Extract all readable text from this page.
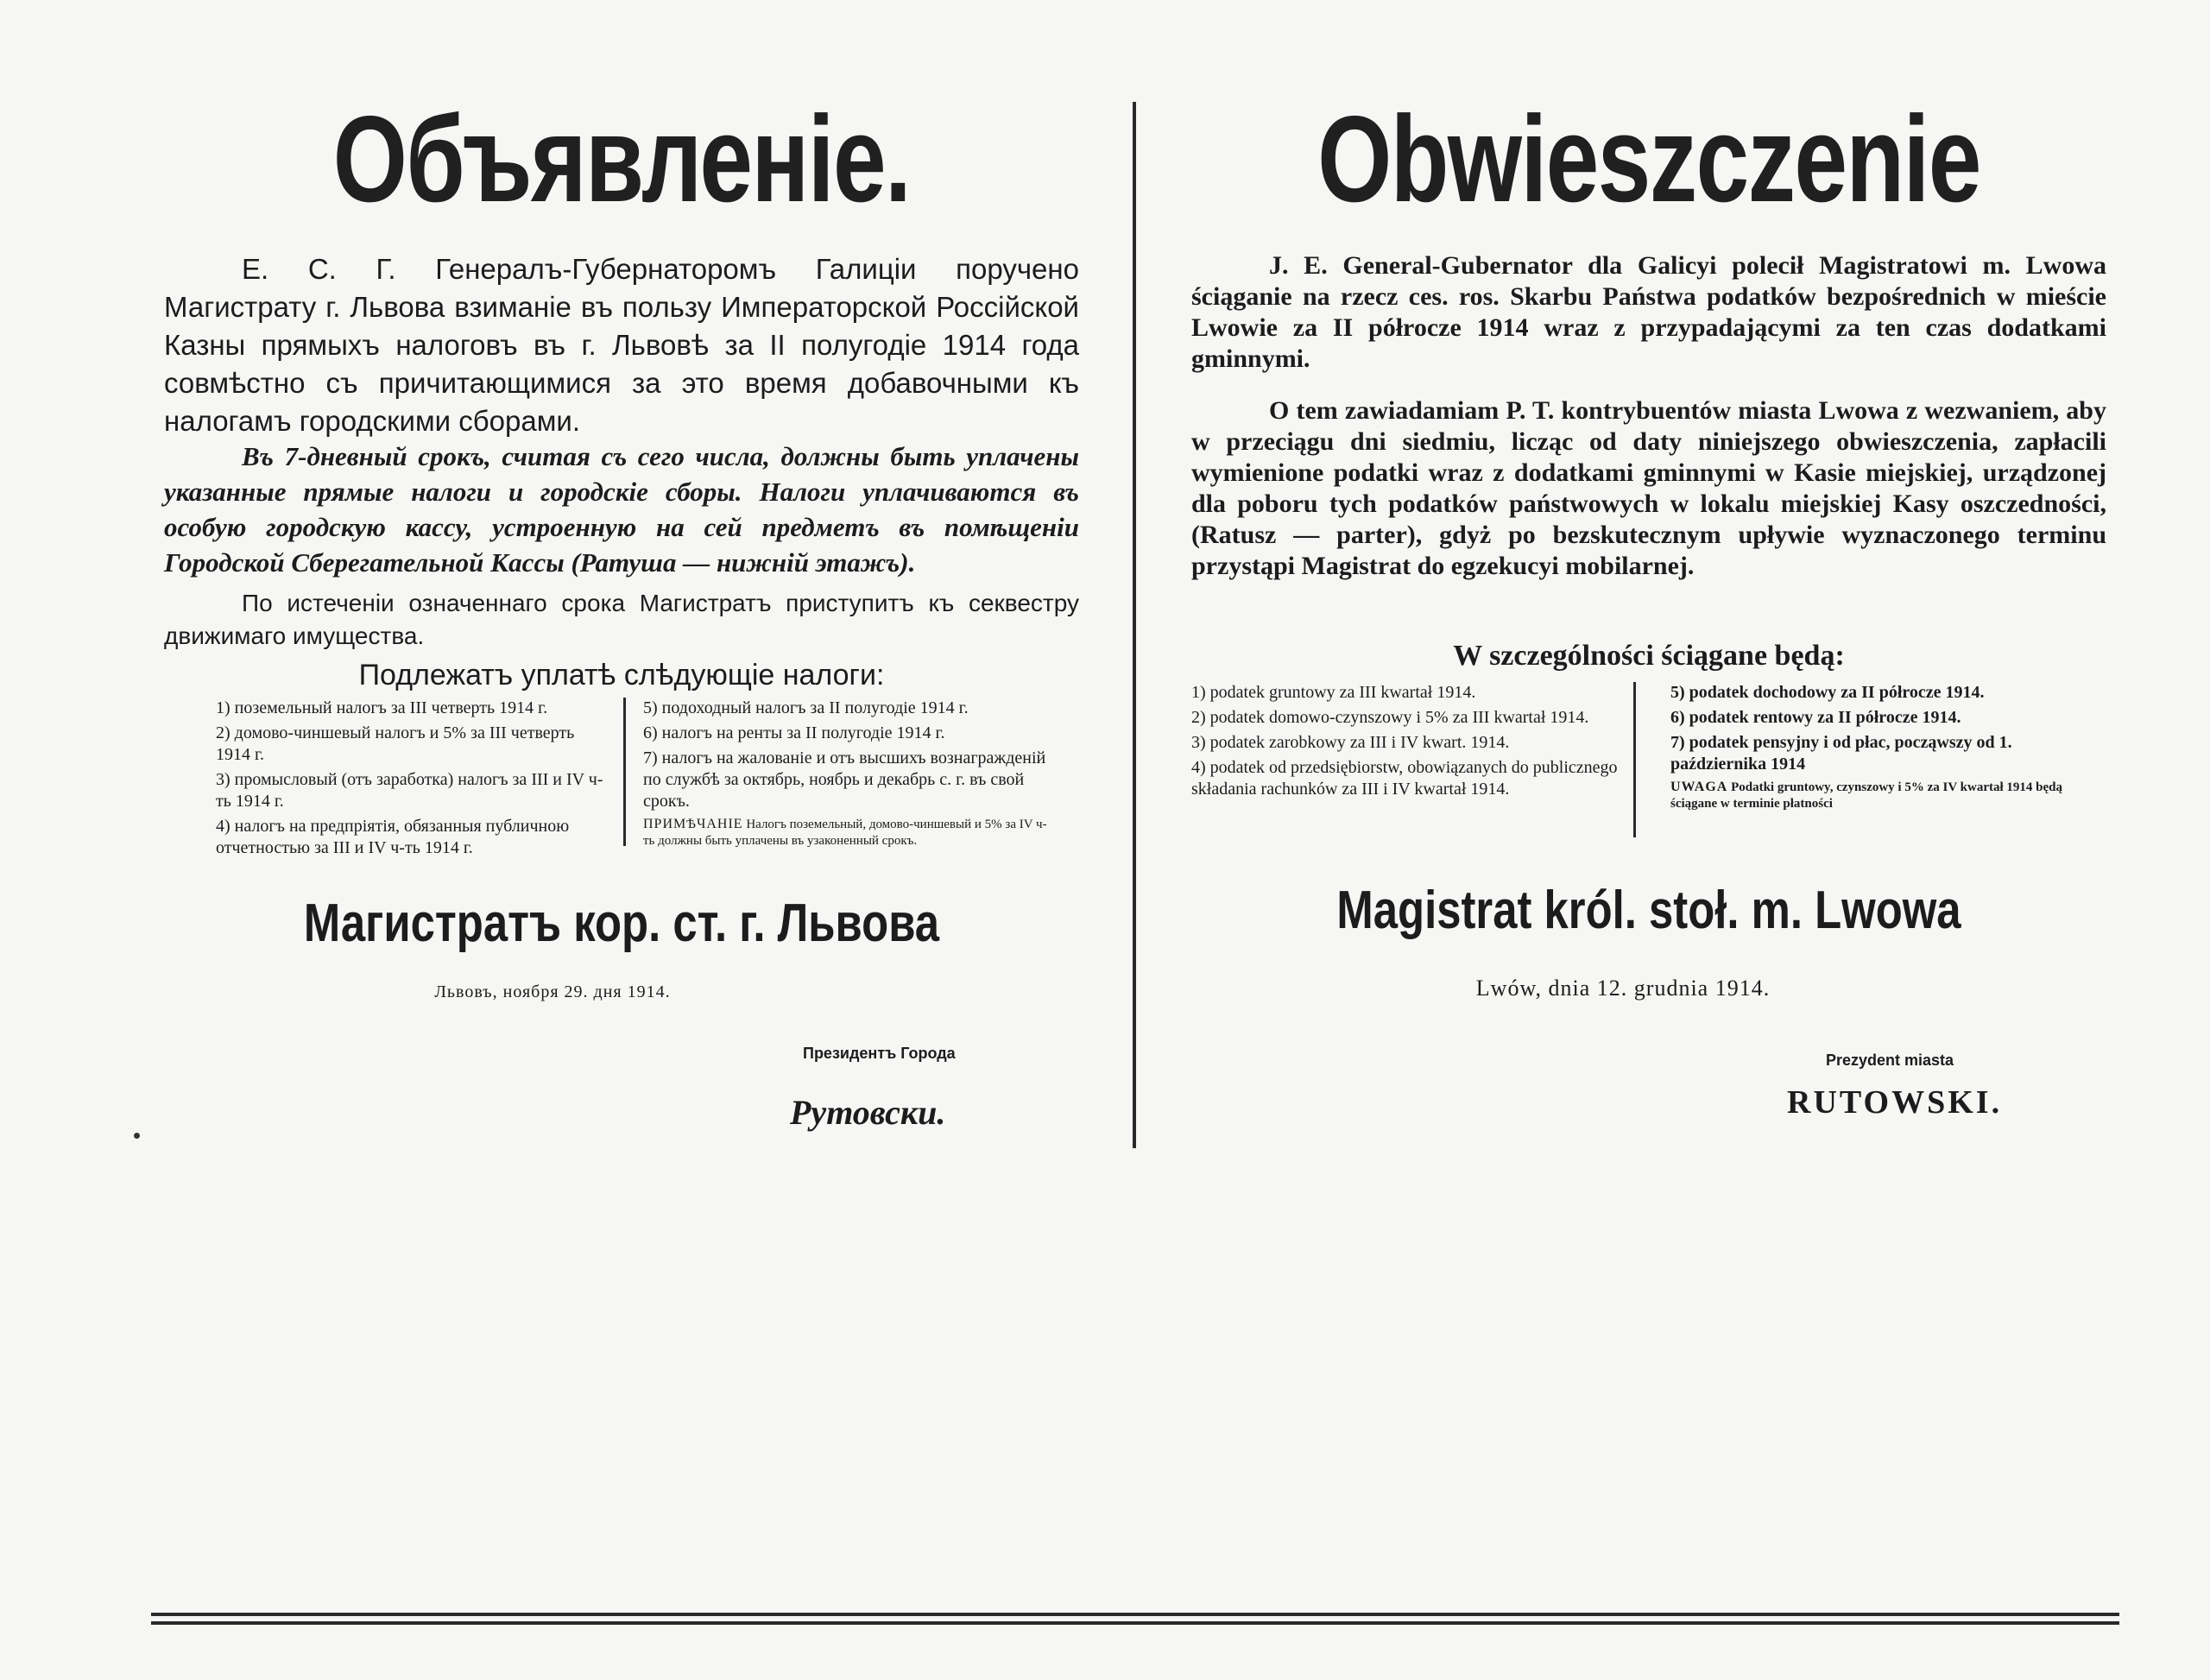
Объявленіе.

Е. С. Г. Генералъ-Губернаторомъ Галиціи поручено Магистрату г. Львова взиманіе въ пользу Императорской Россійской Казны прямыхъ налоговъ въ г. Львовѣ за II полугодіе 1914 года совмѣстно съ причитающимися за это время добавочными къ налогамъ городскими сборами.

Въ 7-дневный срокъ, считая съ сего числа, должны быть уплачены указанные прямые налоги и городскіе сборы. Налоги уплачиваются въ особую городскую кассу, устроенную на сей предметъ въ помѣщеніи Городской Сберегательной Кассы (Ратуша — нижній этажъ).

По истеченіи означеннаго срока Магистратъ приступитъ къ секвестру движимаго имущества.

Подлежатъ уплатѣ слѣдующіе налоги:

1) поземельный налогъ за III четверть 1914 г.

2) домово-чиншевый налогъ и 5% за III четверть 1914 г.

3) промысловый (отъ заработка) налогъ за III и IV ч-ть 1914 г.

4) налогъ на предпріятія, обязанныя публичною отчетностью за III и IV ч-ть 1914 г.

5) подоходный налогъ за II полугодіе 1914 г.

6) налогъ на ренты за II полугодіе 1914 г.

7) налогъ на жалованіе и отъ высшихъ вознагражденій по службѣ за октябрь, ноябрь и декабрь с. г. въ свой срокъ.

ПРИМѢЧАНІЕ Налогъ поземельный, домово-чиншевый и 5% за IV ч-ть должны быть уплачены въ узаконенный срокъ.

Магистратъ кор. ст. г. Львова
Львовъ, ноября 29. дня 1914.
Президентъ Города
Рутовски.
Obwieszczenie

J. E. General-Gubernator dla Galicyi polecił Magistratowi m. Lwowa ściąganie na rzecz ces. ros. Skarbu Państwa podatków bezpośrednich w mieście Lwowie za II półrocze 1914 wraz z przypadającymi za ten czas dodatkami gminnymi.

O tem zawiadamiam P. T. kontrybuentów miasta Lwowa z wezwaniem, aby w przeciągu dni siedmiu, licząc od daty niniejszego obwieszczenia, zapłacili wymienione podatki wraz z dodatkami gminnymi w Kasie miejskiej, urządzonej dla poboru tych podatków państwowych w lokalu miejskiej Kasy oszczedności, (Ratusz — parter), gdyż po bezskutecznym upływie wyznaczonego terminu przystąpi Magistrat do egzekucyi mobilarnej.

W szczególności ściągane będą:

1) podatek gruntowy za III kwartał 1914.

2) podatek domowo-czynszowy i 5% za III kwartał 1914.

3) podatek zarobkowy za III i IV kwart. 1914.

4) podatek od przedsiębiorstw, obowiązanych do publicznego składania rachunków za III i IV kwartał 1914.

5) podatek dochodowy za II półrocze 1914.

6) podatek rentowy za II półrocze 1914.

7) podatek pensyjny i od płac, począwszy od 1. października 1914

UWAGA Podatki gruntowy, czynszowy i 5% za IV kwartał 1914 będą ściągane w terminie płatności

Magistrat król. stoł. m. Lwowa
Lwów, dnia 12. grudnia 1914.
Prezydent miasta
RUTOWSKI.
